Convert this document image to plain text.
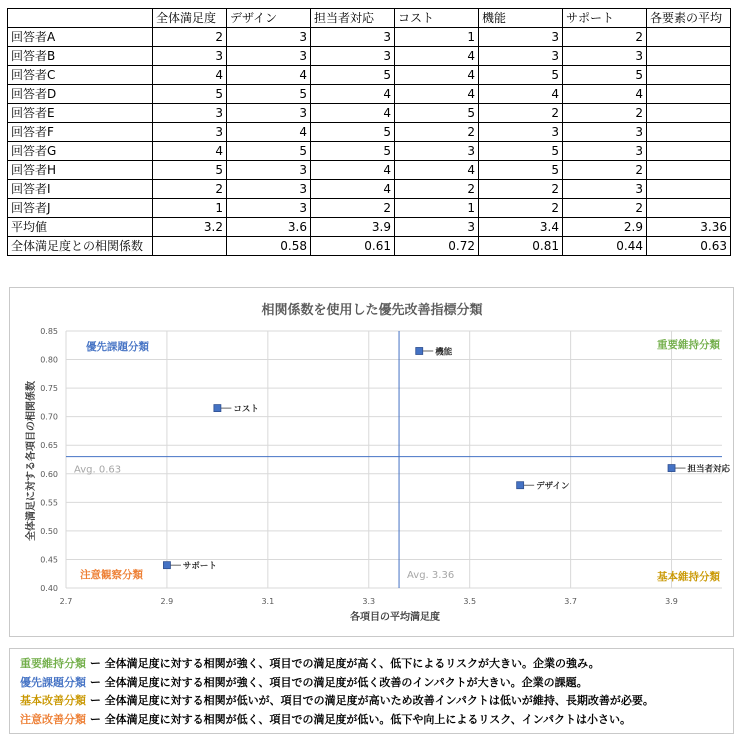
	全体満足度	デザイン	担当者対応	コスト	機能	サポート	各要素の平均
回答者A	2	3	3	1	3	2	
回答者B	3	3	3	4	3	3	
回答者C	4	4	5	4	5	5	
回答者D	5	5	4	4	4	4	
回答者E	3	3	4	5	2	2	
回答者F	3	4	5	2	3	3	
回答者G	4	5	5	3	5	3	
回答者H	5	3	4	4	5	2	
回答者I	2	3	4	2	2	3	
回答者J	1	3	2	1	2	2	
平均値	3.2	3.6	3.9	3	3.4	2.9	3.36
全体満足度との相関係数		0.58	0.61	0.72	0.81	0.44	0.63
相関係数を使用した優先改善指標分類
各項目の平均満足度
全体満足に対する各項目の相関係数
0.40
0.45
0.50
0.55
0.60
0.65
0.70
0.75
0.80
0.85
2.7	2.9	3.1	3.3	3.5	3.7	3.9
Avg. 3.36
Avg. 0.63
優先課題分類	重要維持分類
注意観察分類	基本維持分類
デザイン
担当者対応
コスト
機能
サポート
重要維持分類 ー 全体満足度に対する相関が強く、項目での満足度が高く、低下によるリスクが大きい。企業の強み。
優先課題分類 ー 全体満足度に対する相関が強く、項目での満足度が低く改善のインパクトが大きい。企業の課題。
基本改善分類 ー 全体満足度に対する相関が低いが、項目での満足度が高いため改善インパクトは低いが維持、長期改善が必要。
注意改善分類 ー 全体満足度に対する相関が低く、項目での満足度が低い。低下や向上によるリスク、インパクトは小さい。
